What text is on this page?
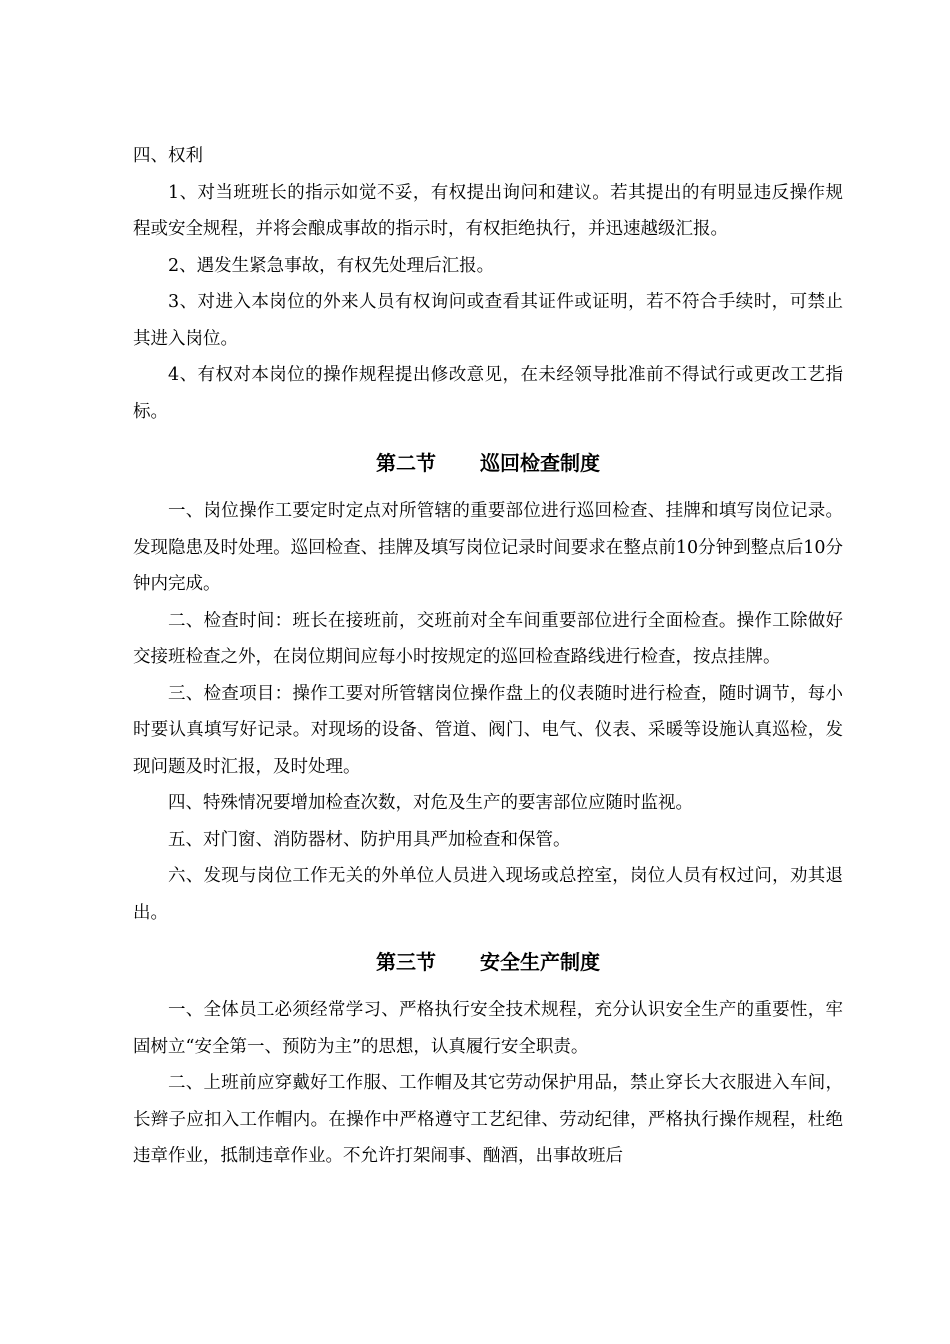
四、权利

1、对当班班长的指示如觉不妥，有权提出询问和建议。若其提出的有明显违反操作规程或安全规程，并将会酿成事故的指示时，有权拒绝执行，并迅速越级汇报。

2、遇发生紧急事故，有权先处理后汇报。

3、对进入本岗位的外来人员有权询问或查看其证件或证明，若不符合手续时，可禁止其进入岗位。

4、有权对本岗位的操作规程提出修改意见，在未经领导批准前不得试行或更改工艺指标。

第二节 巡回检查制度

一、岗位操作工要定时定点对所管辖的重要部位进行巡回检查、挂牌和填写岗位记录。发现隐患及时处理。巡回检查、挂牌及填写岗位记录时间要求在整点前10分钟到整点后10分钟内完成。

二、检查时间：班长在接班前，交班前对全车间重要部位进行全面检查。操作工除做好交接班检查之外，在岗位期间应每小时按规定的巡回检查路线进行检查，按点挂牌。

三、检查项目：操作工要对所管辖岗位操作盘上的仪表随时进行检查，随时调节，每小时要认真填写好记录。对现场的设备、管道、阀门、电气、仪表、采暖等设施认真巡检，发现问题及时汇报，及时处理。

四、特殊情况要增加检查次数，对危及生产的要害部位应随时监视。

五、对门窗、消防器材、防护用具严加检查和保管。

六、发现与岗位工作无关的外单位人员进入现场或总控室，岗位人员有权过问，劝其退出。

第三节 安全生产制度

一、全体员工必须经常学习、严格执行安全技术规程，充分认识安全生产的重要性，牢固树立“安全第一、预防为主”的思想，认真履行安全职责。

二、上班前应穿戴好工作服、工作帽及其它劳动保护用品，禁止穿长大衣服进入车间，长辫子应扣入工作帽内。在操作中严格遵守工艺纪律、劳动纪律，严格执行操作规程，杜绝违章作业，抵制违章作业。不允许打架闹事、酗酒，出事故班后
